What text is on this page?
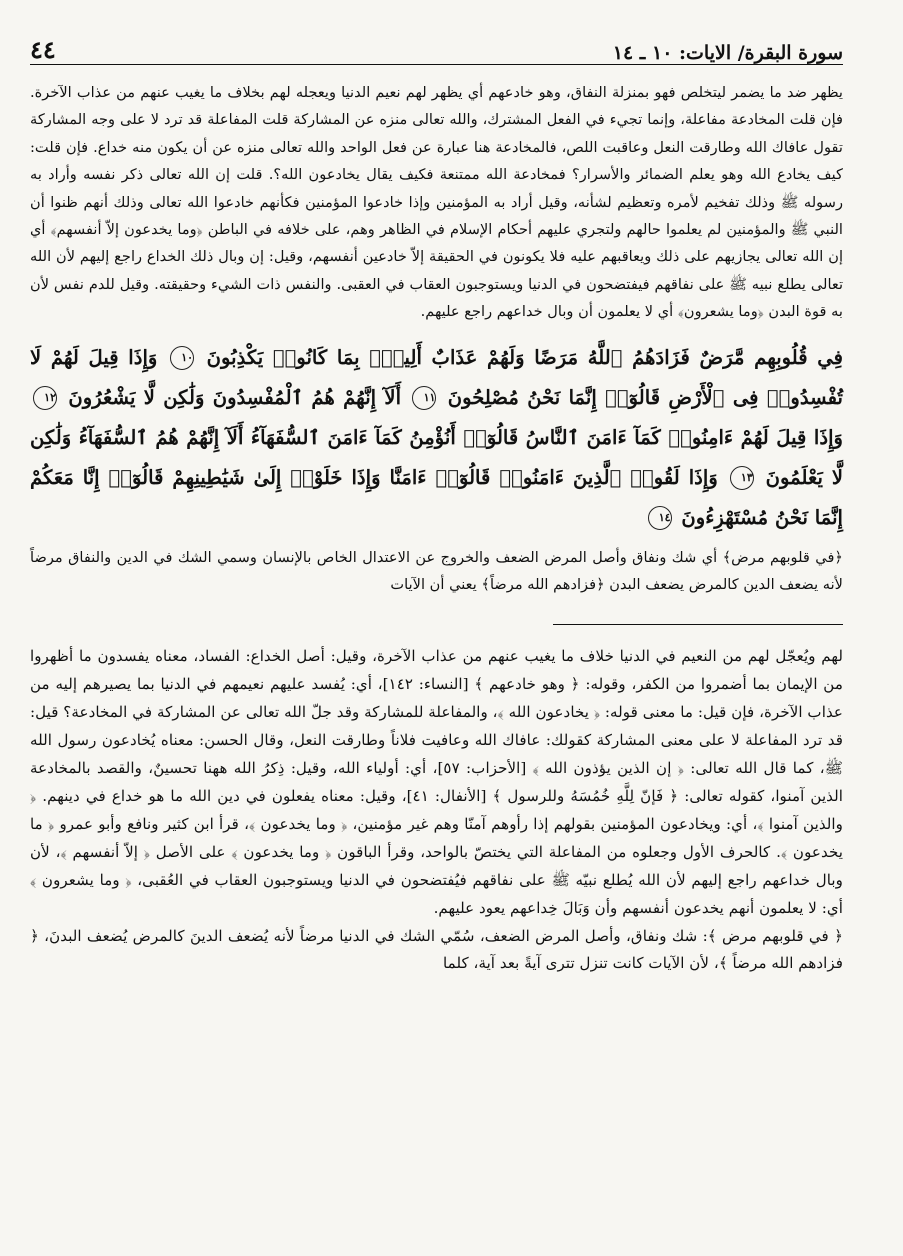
سورة البقرة/ الايات: ١٠ ـ ١٤
٤٤

يظهر ضد ما يضمر ليتخلص فهو بمنزلة النفاق، وهو خادعهم أي يظهر لهم نعيم الدنيا ويعجله لهم بخلاف ما يغيب عنهم من عذاب الآخرة. فإن قلت المخادعة مفاعلة، وإنما تجيء في الفعل المشترك، والله تعالى منزه عن المشاركة قلت المفاعلة قد ترد لا على وجه المشاركة تقول عافاك الله وطارقت النعل وعاقبت اللص، فالمخادعة هنا عبارة عن فعل الواحد والله تعالى منزه عن أن يكون منه خداع. فإن قلت: كيف يخادع الله وهو يعلم الضمائر والأسرار؟ فمخادعة الله ممتنعة فكيف يقال يخادعون الله؟. قلت إن الله تعالى ذكر نفسه وأراد به رسوله ﷺ وذلك تفخيم لأمره وتعظيم لشأنه، وقيل أراد به المؤمنين وإذا خادعوا المؤمنين فكأنهم خادعوا الله تعالى وذلك أنهم ظنوا أن النبي ﷺ والمؤمنين لم يعلموا حالهم ولتجري عليهم أحكام الإسلام في الظاهر وهم، على خلافه في الباطن ﴿وما يخدعون إلاّ أنفسهم﴾ أي إن الله تعالى يجازيهم على ذلك ويعاقبهم عليه فلا يكونون في الحقيقة إلاّ خادعين أنفسهم، وقيل: إن وبال ذلك الخداع راجع إليهم لأن الله تعالى يطلع نبيه ﷺ على نفاقهم فيفتضحون في الدنيا ويستوجبون العقاب في العقبى. والنفس ذات الشيء وحقيقته. وقيل للدم نفس لأن به قوة البدن ﴿وما يشعرون﴾ أي لا يعلمون أن وبال خداعهم راجع عليهم.

فِي قُلُوبِهِم مَّرَضٌ فَزَادَهُمُ ٱللَّهُ مَرَضًا وَلَهُمْ عَذَابٌ أَلِيمٌۢ بِمَا كَانُوا۟ يَكْذِبُونَ ١٠ وَإِذَا قِيلَ لَهُمْ لَا تُفْسِدُوا۟ فِى ٱلْأَرْضِ قَالُوٓا۟ إِنَّمَا نَحْنُ مُصْلِحُونَ ١١ أَلَآ إِنَّهُمْ هُمُ ٱلْمُفْسِدُونَ وَلَٰكِن لَّا يَشْعُرُونَ ١٢ وَإِذَا قِيلَ لَهُمْ ءَامِنُوا۟ كَمَآ ءَامَنَ ٱلنَّاسُ قَالُوٓا۟ أَنُؤْمِنُ كَمَآ ءَامَنَ ٱلسُّفَهَآءُ أَلَآ إِنَّهُمْ هُمُ ٱلسُّفَهَآءُ وَلَٰكِن لَّا يَعْلَمُونَ ١٣ وَإِذَا لَقُوا۟ ٱلَّذِينَ ءَامَنُوا۟ قَالُوٓا۟ ءَامَنَّا وَإِذَا خَلَوْا۟ إِلَىٰ شَيَٰطِينِهِمْ قَالُوٓا۟ إِنَّا مَعَكُمْ إِنَّمَا نَحْنُ مُسْتَهْزِءُونَ ١٤

﴿في قلوبهم مرض﴾ أي شك ونفاق وأصل المرض الضعف والخروج عن الاعتدال الخاص بالإنسان وسمي الشك في الدين والنفاق مرضاً لأنه يضعف الدين كالمرض يضعف البدن ﴿فزادهم الله مرضاً﴾ يعني أن الآيات

لهم ويُعجّل لهم من النعيم في الدنيا خلاف ما يغيب عنهم من عذاب الآخرة، وقيل: أصل الخداع: الفساد، معناه يفسدون ما أظهروا من الإيمان بما أضمروا من الكفر، وقوله: ﴿ وهو خادعهم ﴾ [النساء: ١٤٢]، أي: يُفسد عليهم نعيمهم في الدنيا بما يصيرهم إليه من عذاب الآخرة، فإن قيل: ما معنى قوله: ﴿ يخادعون الله ﴾، والمفاعلة للمشاركة وقد جلّ الله تعالى عن المشاركة في المخادعة؟ قيل: قد ترد المفاعلة لا على معنى المشاركة كقولك: عافاك الله وعافيت فلاناً وطارقت النعل، وقال الحسن: معناه يُخادعون رسول الله ﷺ، كما قال الله تعالى: ﴿ إن الذين يؤذون الله ﴾ [الأحزاب: ٥٧]، أي: أولياء الله، وقيل: ذِكرُ الله ههنا تحسينٌ، والقصد بالمخادعة الذين آمنوا، كقوله تعالى: ﴿ فَإنّ لِلَّهِ خُمُسَهُ وللرسول ﴾ [الأنفال: ٤١]، وقيل: معناه يفعلون في دين الله ما هو خداع في دينهم. ﴿ والذين آمنوا ﴾، أي: ويخادعون المؤمنين بقولهم إذا رأوهم آمنّا وهم غير مؤمنين، ﴿ وما يخدعون ﴾، قرأ ابن كثير ونافع وأبو عمرو ﴿ ما يخدعون ﴾. كالحرف الأول وجعلوه من المفاعلة التي يختصّ بالواحد، وقرأ الباقون ﴿ وما يخدعون ﴾ على الأصل ﴿ إلاّ أنفسهم ﴾، لأن وبال خداعهم راجع إليهم لأن الله يُطلع نبيّه ﷺ على نفاقهم فيُفتضحون في الدنيا ويستوجبون العقاب في العُقبى، ﴿ وما يشعرون ﴾ أي: لا يعلمون أنهم يخدعون أنفسهم وأن وَبَالَ خِداعهم يعود عليهم.

﴿ في قلوبهم مرض ﴾: شك ونفاق، وأصل المرض الضعف، سُمّي الشك في الدنيا مرضاً لأنه يُضعف الدينَ كالمرض يُضعف البدنَ، ﴿ فزادهم الله مرضاً ﴾، لأن الآيات كانت تنزل تترى آيةً بعد آية، كلما
